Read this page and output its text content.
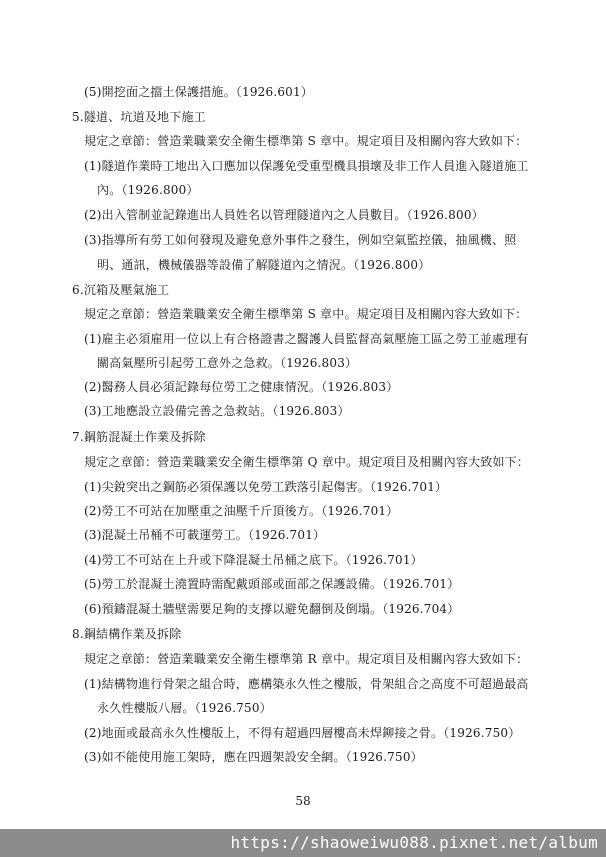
(5)開挖面之擋土保護措施。（1926.601）
5.隧道、坑道及地下施工
規定之章節：營造業職業安全衛生標準第 S 章中。規定項目及相關內容大致如下：
(1)隧道作業時工地出入口應加以保護免受重型機具損壞及非工作人員進入隧道施工
內。（1926.800）
(2)出入管制並記錄進出人員姓名以管理隧道內之人員數目。（1926.800）
(3)指導所有勞工如何發現及避免意外事件之發生，例如空氣監控儀，抽風機、照
明、通訊，機械儀器等設備了解隧道內之情況。（1926.800）
6.沉箱及壓氣施工
規定之章節：營造業職業安全衛生標準第 S 章中。規定項目及相關內容大致如下：
(1)雇主必須雇用一位以上有合格證書之醫護人員監督高氣壓施工區之勞工並處理有
關高氣壓所引起勞工意外之急救。（1926.803）
(2)醫務人員必須記錄每位勞工之健康情況。（1926.803）
(3)工地應設立設備完善之急救站。（1926.803）
7.鋼筋混凝土作業及拆除
規定之章節：營造業職業安全衛生標準第 Q 章中。規定項目及相關內容大致如下：
(1)尖銳突出之鋼筋必須保護以免勞工跌落引起傷害。（1926.701）
(2)勞工不可站在加壓重之油壓千斤頂後方。（1926.701）
(3)混凝土吊桶不可載運勞工。（1926.701）
(4)勞工不可站在上升或下降混凝土吊桶之底下。（1926.701）
(5)勞工於混凝土澆置時需配戴頭部或面部之保護設備。（1926.701）
(6)預鑄混凝土牆壁需要足夠的支撐以避免翻倒及倒塌。（1926.704）
8.鋼結構作業及拆除
規定之章節：營造業職業安全衛生標準第 R 章中。規定項目及相關內容大致如下：
(1)結構物進行骨架之組合時，應構築永久性之樓版，骨架組合之高度不可超過最高
永久性樓版八層。（1926.750）
(2)地面或最高永久性樓版上，不得有超過四層樓高未焊鉚接之骨。（1926.750）
(3)如不能使用施工架時，應在四週架設安全網。（1926.750）
58
https://shaoweiwu088.pixnet.net/album
